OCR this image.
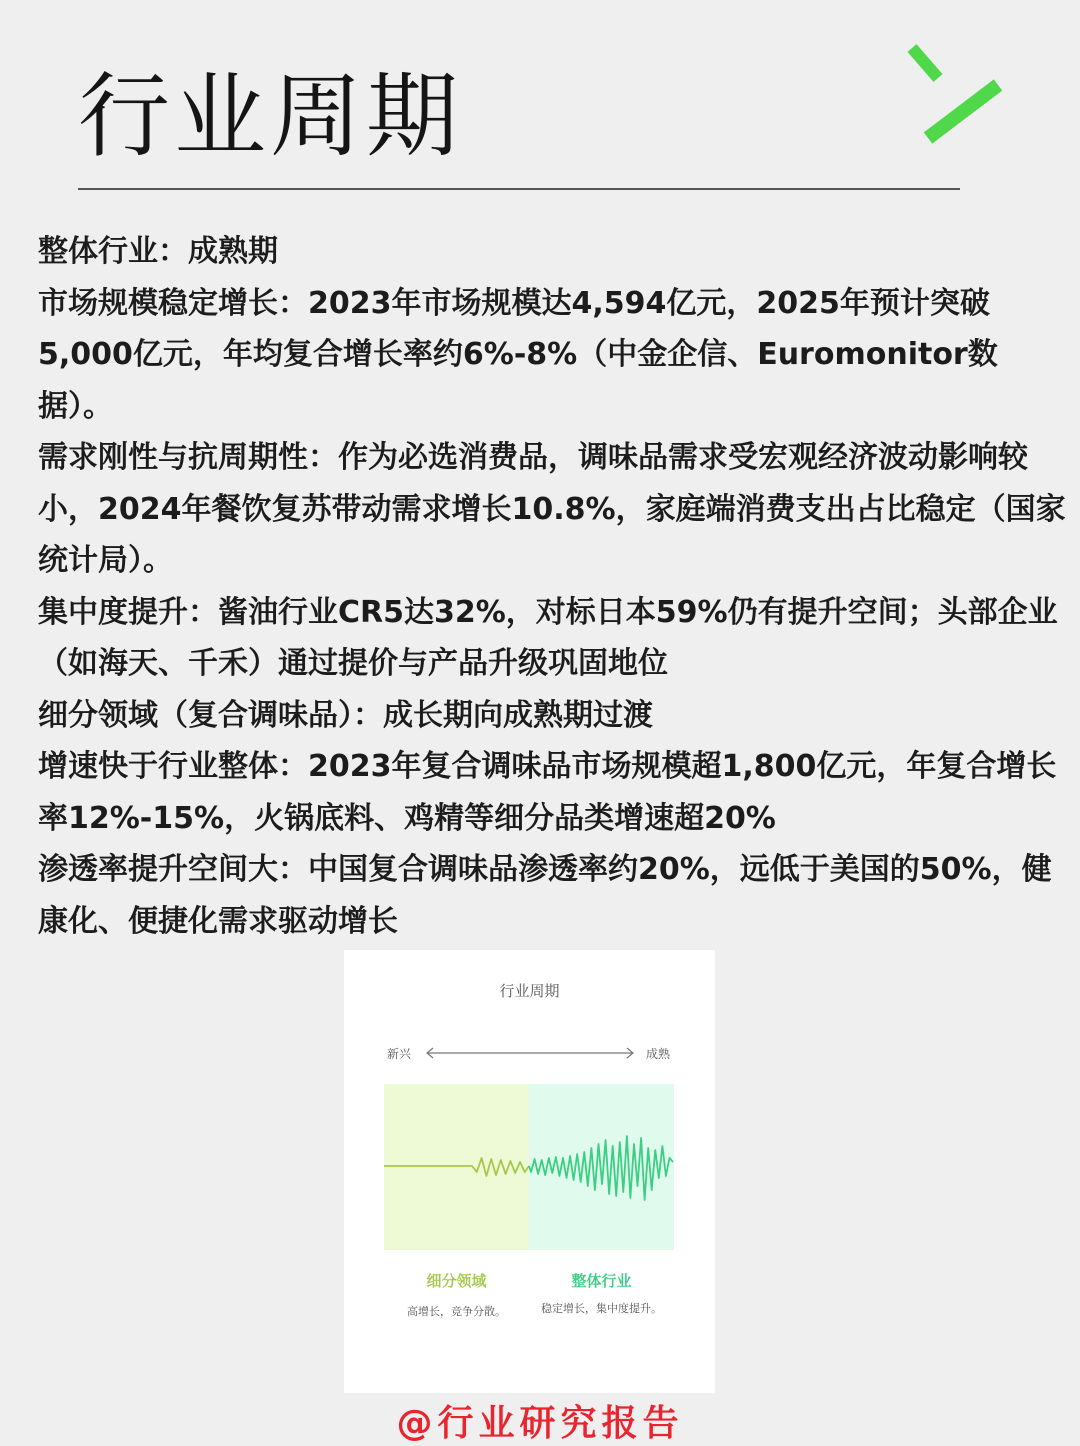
行业周期

整体行业：成熟期

市场规模稳定增长：2023年市场规模达4,594亿元，2025年预计突破5,000亿元，年均复合增长率约6%-8%（中金企信、Euromonitor数据）。

需求刚性与抗周期性：作为必选消费品，调味品需求受宏观经济波动影响较小，2024年餐饮复苏带动需求增长10.8%，家庭端消费支出占比稳定（国家统计局）。

集中度提升：酱油行业CR5达32%，对标日本59%仍有提升空间；头部企业（如海天、千禾）通过提价与产品升级巩固地位

细分领域（复合调味品）：成长期向成熟期过渡

增速快于行业整体：2023年复合调味品市场规模超1,800亿元，年复合增长率12%-15%，火锅底料、鸡精等细分品类增速超20%

渗透率提升空间大：中国复合调味品渗透率约20%，远低于美国的50%，健康化、便捷化需求驱动增长

行业周期
新兴	成熟
细分领域
高增长，竞争分散。
整体行业
稳定增长，集中度提升。
@行业研究报告
